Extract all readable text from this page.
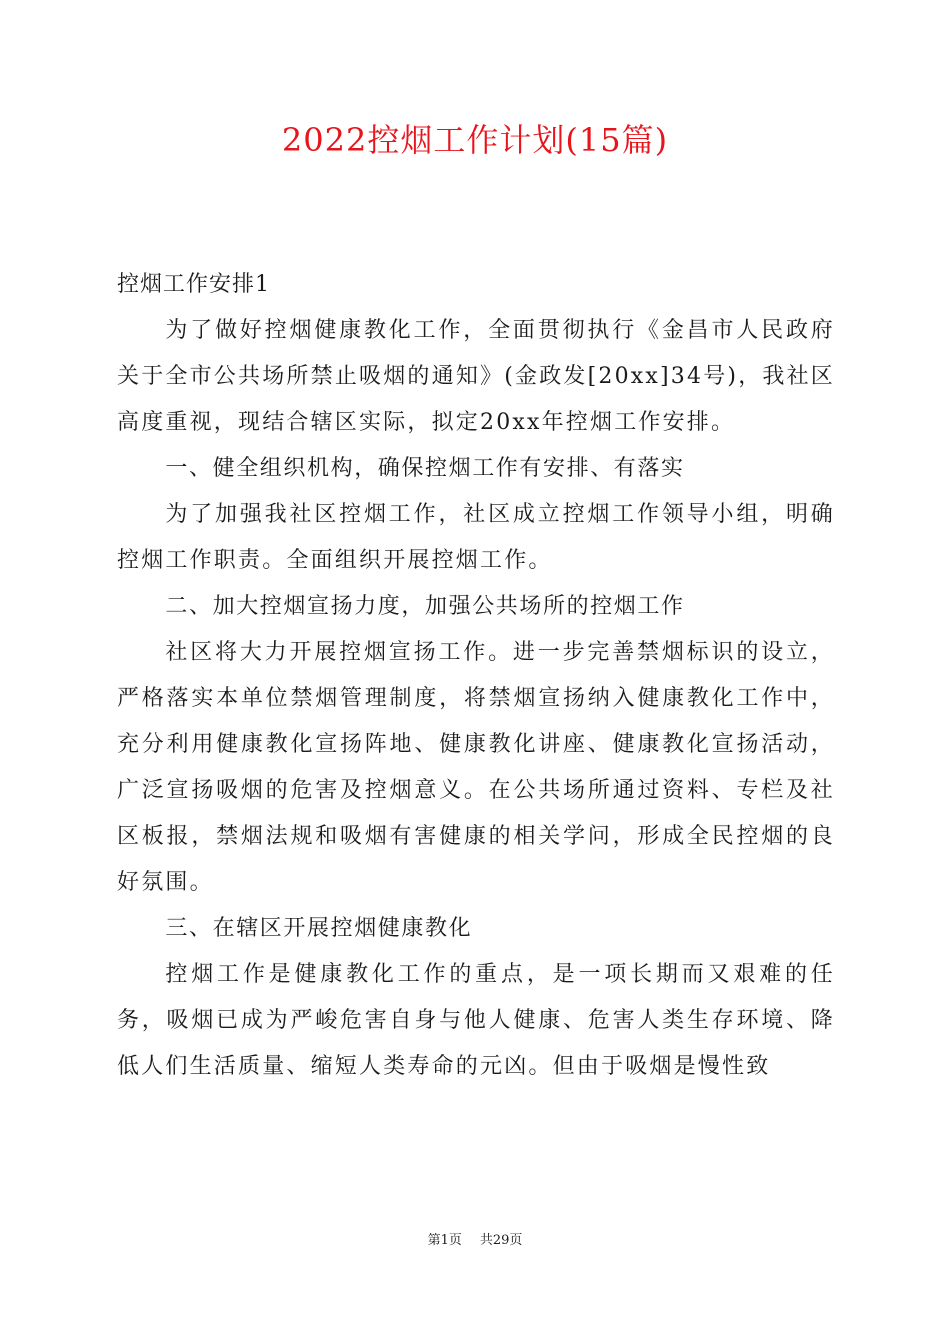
2022控烟工作计划(15篇)

控烟工作安排1

为了做好控烟健康教化工作，全面贯彻执行《金昌市人民政府关于全市公共场所禁止吸烟的通知》(金政发[20xx]34号)，我社区高度重视，现结合辖区实际，拟定20xx年控烟工作安排。

一、健全组织机构，确保控烟工作有安排、有落实

为了加强我社区控烟工作，社区成立控烟工作领导小组，明确控烟工作职责。全面组织开展控烟工作。

二、加大控烟宣扬力度，加强公共场所的控烟工作

社区将大力开展控烟宣扬工作。进一步完善禁烟标识的设立，严格落实本单位禁烟管理制度，将禁烟宣扬纳入健康教化工作中，充分利用健康教化宣扬阵地、健康教化讲座、健康教化宣扬活动，广泛宣扬吸烟的危害及控烟意义。在公共场所通过资料、专栏及社区板报，禁烟法规和吸烟有害健康的相关学问，形成全民控烟的良好氛围。

三、在辖区开展控烟健康教化

控烟工作是健康教化工作的重点，是一项长期而又艰难的任务，吸烟已成为严峻危害自身与他人健康、危害人类生存环境、降低人们生活质量、缩短人类寿命的元凶。但由于吸烟是慢性致

第1页 共29页
